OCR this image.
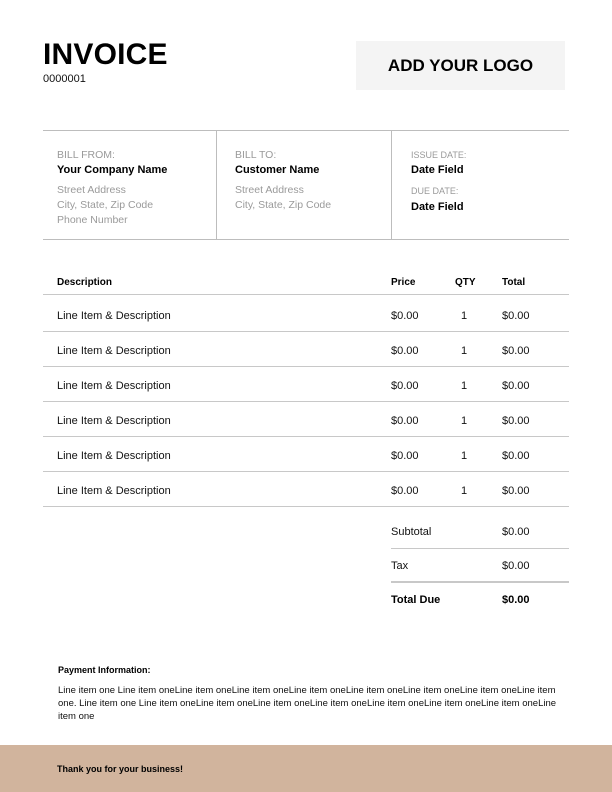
INVOICE
0000001
ADD YOUR LOGO
BILL FROM:
Your Company Name
Street Address
City, State, Zip Code
Phone Number
BILL TO:
Customer Name
Street Address
City, State, Zip Code
ISSUE DATE:
Date Field
DUE DATE:
Date Field
Description	Price	QTY	Total
Line Item & Description	$0.00	1	$0.00
Line Item & Description	$0.00	1	$0.00
Line Item & Description	$0.00	1	$0.00
Line Item & Description	$0.00	1	$0.00
Line Item & Description	$0.00	1	$0.00
Line Item & Description	$0.00	1	$0.00
Subtotal	$0.00
Tax	$0.00
Total Due	$0.00
Payment Information:
Line item one Line item oneLine item oneLine item oneLine item oneLine item oneLine item oneLine item oneLine item one. Line item one Line item oneLine item oneLine item oneLine item oneLine item oneLine item oneLine item oneLine item one
Thank you for your business!
